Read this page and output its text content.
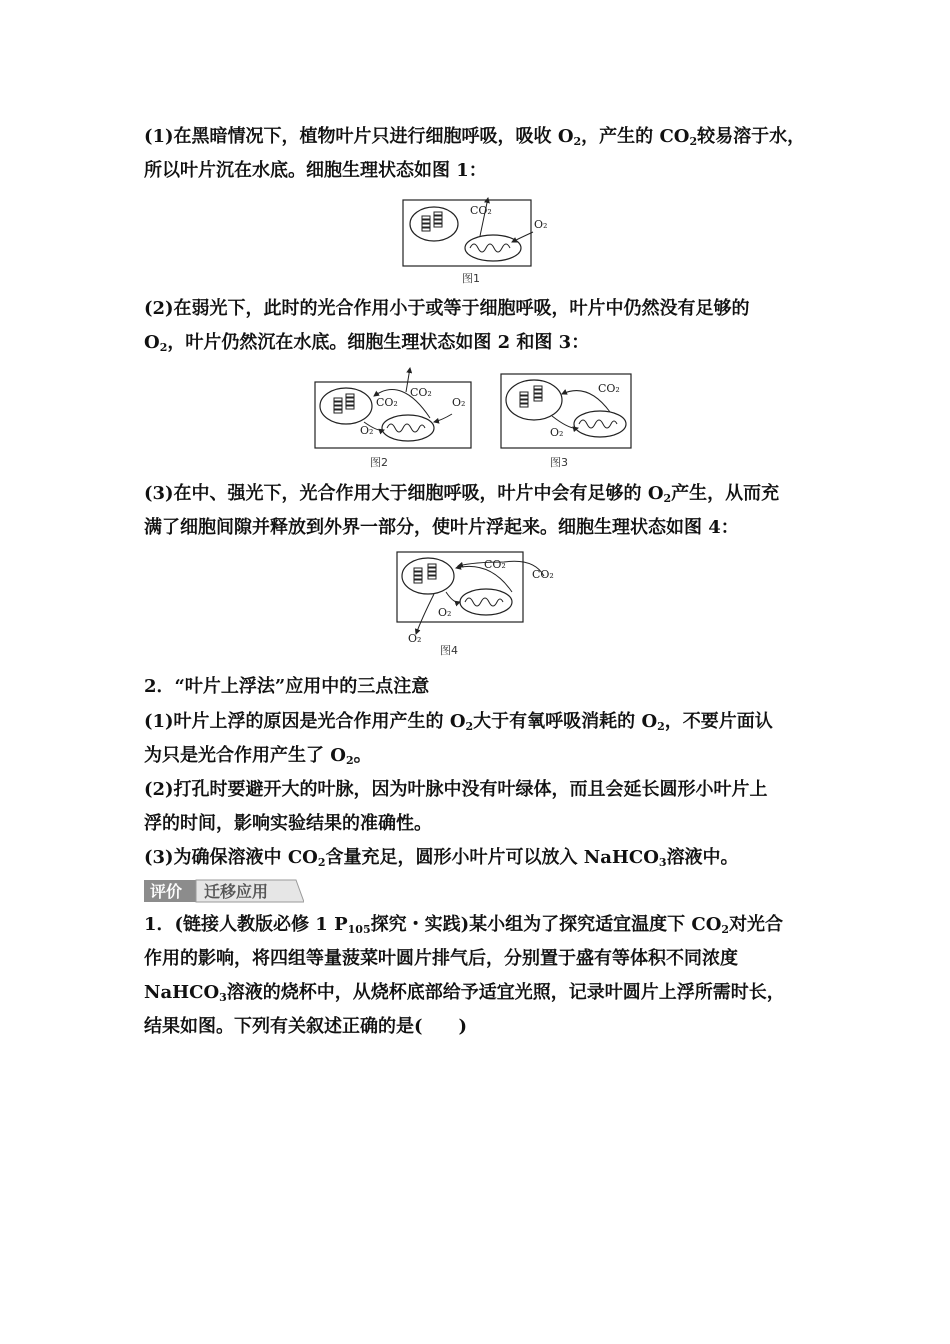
(1)在黑暗情况下，植物叶片只进行细胞呼吸，吸收 $O_2$，产生的 $CO_2$较易溶于水，
所以叶片沉在水底。细胞生理状态如图 1：

CO₂
O₂
图1

(2)在弱光下，此时的光合作用小于或等于细胞呼吸，叶片中仍然没有足够的
$O_2$，叶片仍然沉在水底。细胞生理状态如图 2 和图 3：

CO₂
CO₂
O₂
O₂
图2
CO₂
O₂
图3

(3)在中、强光下，光合作用大于细胞呼吸，叶片中会有足够的 $O_2$产生，从而充
满了细胞间隙并释放到外界一部分，使叶片浮起来。细胞生理状态如图 4：

CO₂
CO₂
O₂
O₂
图4

2．“叶片上浮法”应用中的三点注意

(1)叶片上浮的原因是光合作用产生的 $O_2$大于有氧呼吸消耗的 $O_2$，不要片面认
为只是光合作用产生了 $O_2$。

(2)打孔时要避开大的叶脉，因为叶脉中没有叶绿体，而且会延长圆形小叶片上
浮的时间，影响实验结果的准确性。

(3)为确保溶液中 $CO_2$含量充足，圆形小叶片可以放入 NaHCO$_3$溶液中。

评价 迁移应用

1．(链接人教版必修 1 $P_{105}$探究・实践)某小组为了探究适宜温度下 $CO_2$对光合
作用的影响，将四组等量菠菜叶圆片排气后，分别置于盛有等体积不同浓度
NaHCO$_3$溶液的烧杯中，从烧杯底部给予适宜光照，记录叶圆片上浮所需时长，
结果如图。下列有关叙述正确的是(　　)
